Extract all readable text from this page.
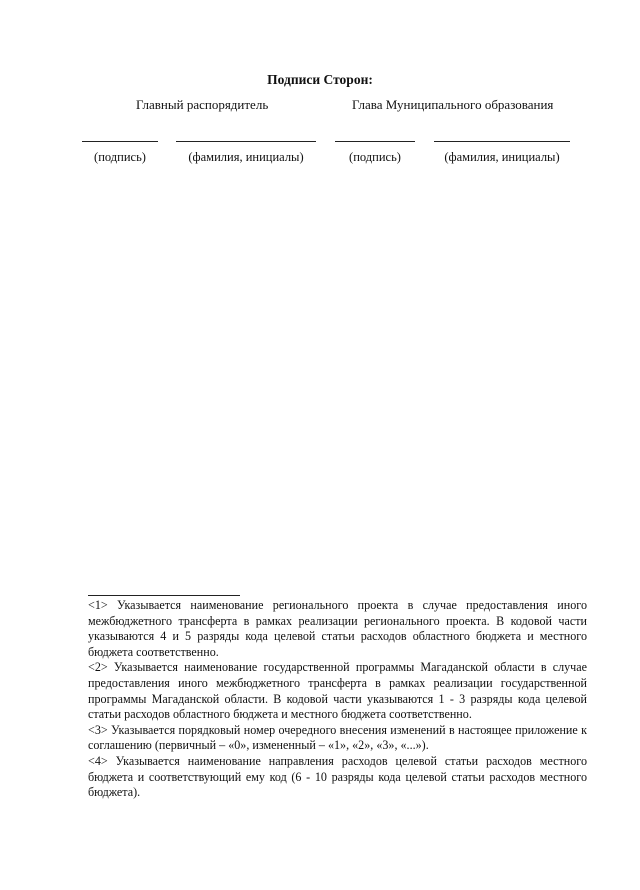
Подписи Сторон:
Главный распорядитель	Глава Муниципального образования
(подпись)	(фамилия, инициалы)	(подпись)	(фамилия, инициалы)

<1> Указывается наименование регионального проекта в случае предоставления иного межбюджетного трансферта в рамках реализации регионального проекта. В кодовой части указываются 4 и 5 разряды кода целевой статьи расходов областного бюджета и местного бюджета соответственно.

<2> Указывается наименование государственной программы Магаданской области в случае предоставления иного межбюджетного трансферта в рамках реализации государственной программы Магаданской области. В кодовой части указываются 1 - 3 разряды кода целевой статьи расходов областного бюджета и местного бюджета соответственно.

<3> Указывается порядковый номер очередного внесения изменений в настоящее приложение к соглашению (первичный – «0», измененный – «1», «2», «3», «...»).

<4> Указывается наименование направления расходов целевой статьи расходов местного бюджета и соответствующий ему код (6 - 10 разряды кода целевой статьи расходов местного бюджета).
